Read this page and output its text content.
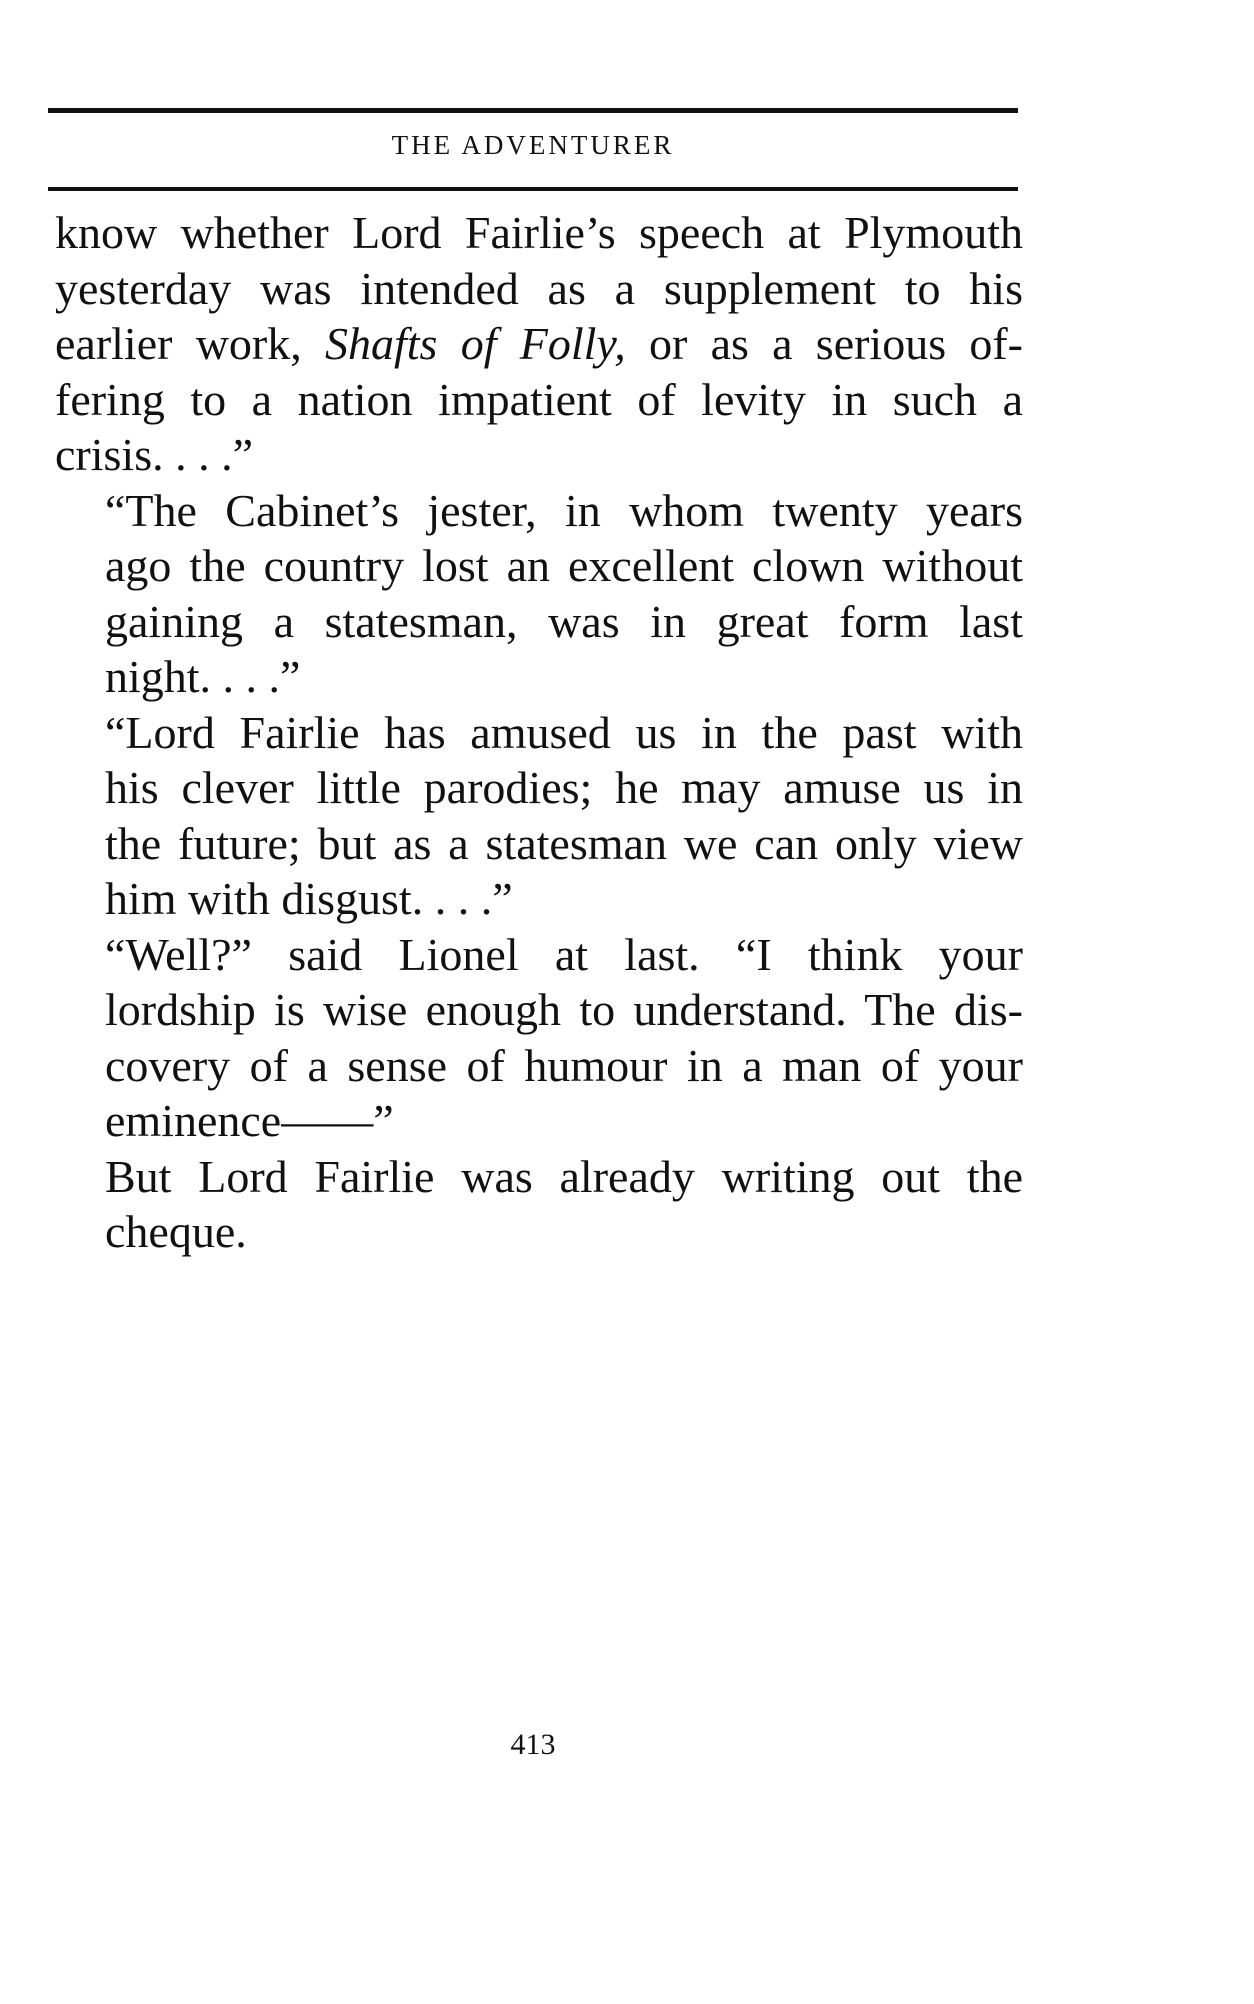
THE ADVENTURER

know whether Lord Fairlie’s speech at Plymouth
yesterday was intended as a supplement to his
earlier work, Shafts of Folly, or as a serious of-
fering to a nation impatient of levity in such a
crisis. . . .”

“The Cabinet’s jester, in whom twenty years
ago the country lost an excellent clown without
gaining a statesman, was in great form last
night. . . .”

“Lord Fairlie has amused us in the past with
his clever little parodies; he may amuse us in
the future; but as a statesman we can only view
him with disgust. . . .”

“Well?” said Lionel at last. “I think your
lordship is wise enough to understand. The dis-
covery of a sense of humour in a man of your
eminence——”

But Lord Fairlie was already writing out the
cheque.

413
